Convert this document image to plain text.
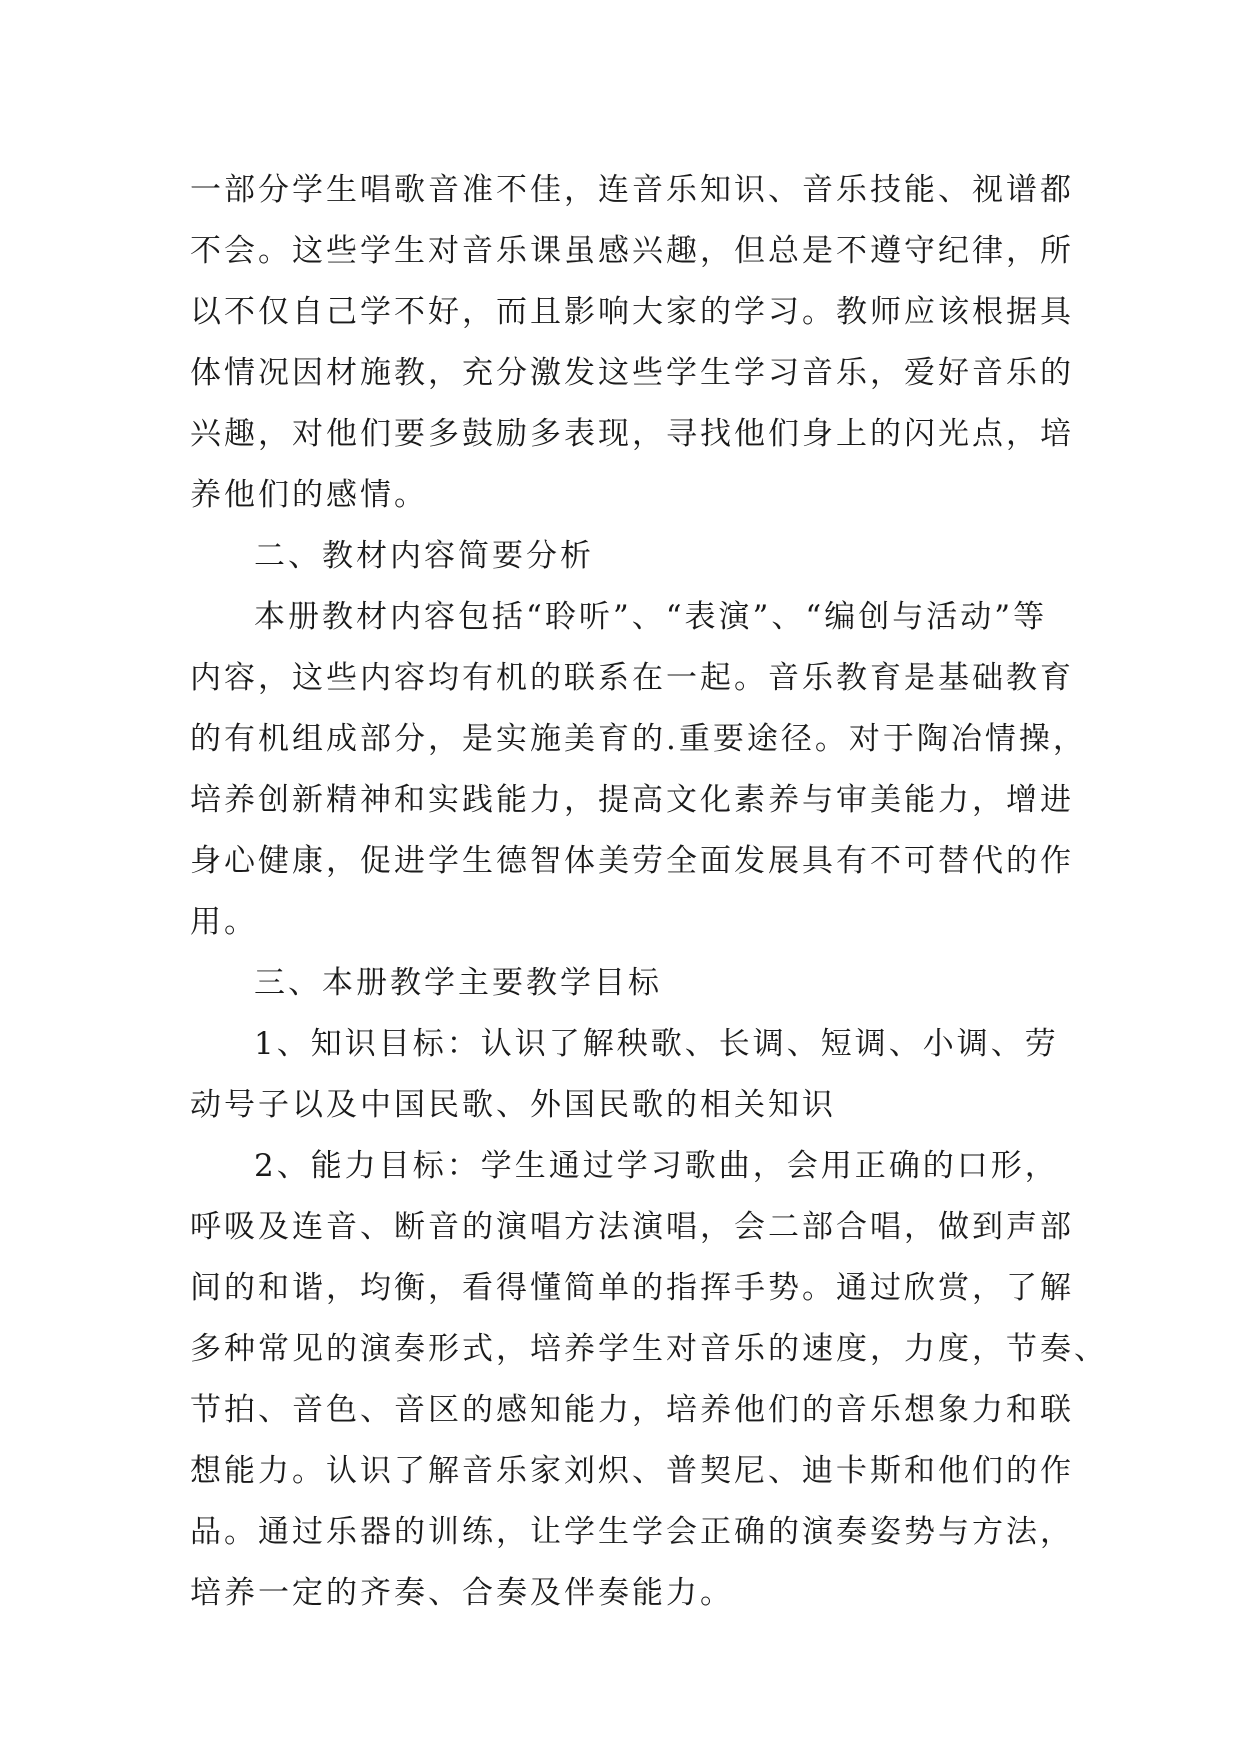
一部分学生唱歌音准不佳，连音乐知识、音乐技能、视谱都
不会。这些学生对音乐课虽感兴趣，但总是不遵守纪律，所
以不仅自己学不好，而且影响大家的学习。教师应该根据具
体情况因材施教，充分激发这些学生学习音乐，爱好音乐的
兴趣，对他们要多鼓励多表现，寻找他们身上的闪光点，培
养他们的感情。
二、教材内容简要分析
本册教材内容包括“聆听”、“表演”、“编创与活动”等
内容，这些内容均有机的联系在一起。音乐教育是基础教育
的有机组成部分，是实施美育的.重要途径。对于陶冶情操，
培养创新精神和实践能力，提高文化素养与审美能力，增进
身心健康，促进学生德智体美劳全面发展具有不可替代的作
用。
三、本册教学主要教学目标
1、知识目标：认识了解秧歌、长调、短调、小调、劳
动号子以及中国民歌、外国民歌的相关知识
2、能力目标：学生通过学习歌曲，会用正确的口形，
呼吸及连音、断音的演唱方法演唱，会二部合唱，做到声部
间的和谐，均衡，看得懂简单的指挥手势。通过欣赏，了解
多种常见的演奏形式，培养学生对音乐的速度，力度，节奏、
节拍、音色、音区的感知能力，培养他们的音乐想象力和联
想能力。认识了解音乐家刘炽、普契尼、迪卡斯和他们的作
品。通过乐器的训练，让学生学会正确的演奏姿势与方法，
培养一定的齐奏、合奏及伴奏能力。
